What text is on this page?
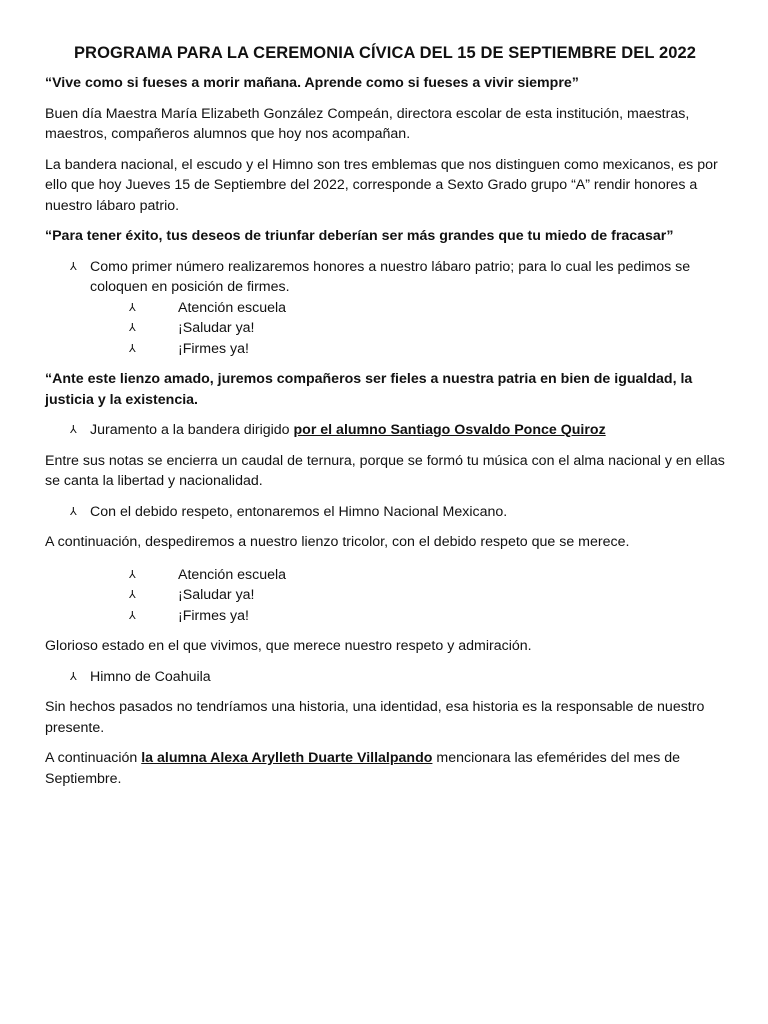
PROGRAMA PARA LA CEREMONIA CÍVICA DEL 15 DE SEPTIEMBRE DEL 2022

“Vive como si fueses a morir mañana. Aprende como si fueses a vivir siempre”

Buen día Maestra María Elizabeth González Compeán, directora escolar de esta institución, maestras, maestros, compañeros alumnos que hoy nos acompañan.

La bandera nacional, el escudo y el Himno son tres emblemas que nos distinguen como mexicanos, es por ello que hoy Jueves 15 de Septiembre del 2022, corresponde a Sexto Grado grupo “A” rendir honores a nuestro lábaro patrio.

“Para tener éxito, tus deseos de triunfar deberían ser más grandes que tu miedo de fracasar”

⅄ Como primer número realizaremos honores a nuestro lábaro patrio; para lo cual les pedimos se coloquen en posición de firmes.
⅄	Atención escuela
⅄	¡Saludar ya!
⅄	¡Firmes ya!

“Ante este lienzo amado, juremos compañeros ser fieles a nuestra patria en bien de igualdad, la justicia y la existencia.

⅄ Juramento a la bandera dirigido por el alumno Santiago Osvaldo Ponce Quiroz

Entre sus notas se encierra un caudal de ternura, porque se formó tu música con el alma nacional y en ellas se canta la libertad y nacionalidad.

⅄ Con el debido respeto, entonaremos el Himno Nacional Mexicano.

A continuación, despediremos a nuestro lienzo tricolor, con el debido respeto que se merece.

⅄	Atención escuela
⅄	¡Saludar ya!
⅄	¡Firmes ya!

Glorioso estado en el que vivimos, que merece nuestro respeto y admiración.

⅄ Himno de Coahuila

Sin hechos pasados no tendríamos una historia, una identidad, esa historia es la responsable de nuestro presente.

A continuación la alumna Alexa Arylleth Duarte Villalpando mencionara las efemérides del mes de Septiembre.
